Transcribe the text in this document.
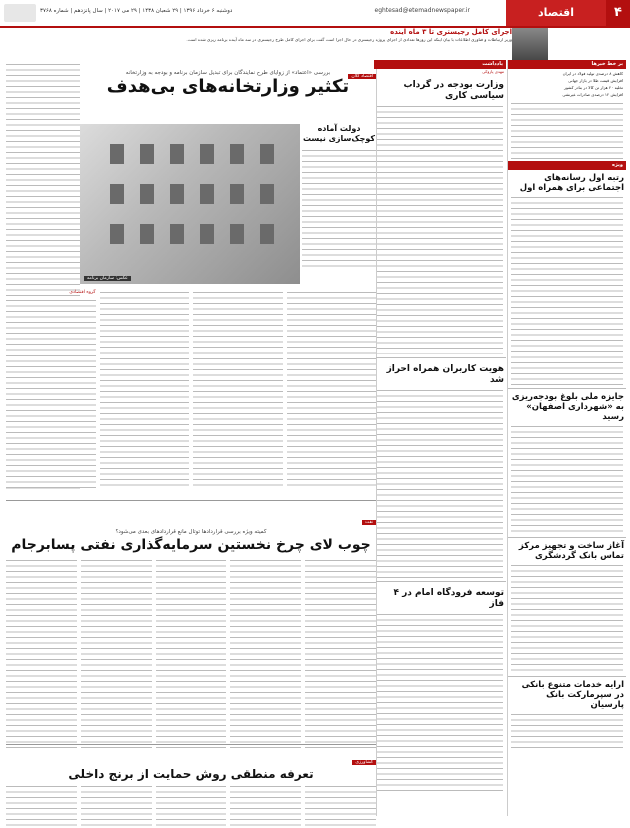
۴
اقتصاد
eghtesad@etemadnewspaper.ir
دوشنبه ۶ خرداد ۱۳۹۶ | ۲۹ شعبان ۱۴۳۸ | ۲۹ می ۲۰۱۷ | سال پانزدهم | شماره ۳۷۶۸
اجرای کامل رجیستری تا ۳ ماه آینده
وزیر ارتباطات و فناوری اطلاعات با بیان اینکه این روزها تعدادی از اجزای پروژه رجیستری در حال اجرا است گفت برای اجرای کامل طرح رجیستری در سه ماه آینده برنامه ریزی شده است.
بر خط خبرها

کاهش ۸ درصدی تولید فولاد در ایران

افزایش قیمت طلا در بازار جهانی

تخلیه ۲۰ هزار تن کالا در بنادر کشور

افزایش ۱۲ درصدی صادرات غیرنفتی

ویژه
رتبه اول رسانه‌های اجتماعی برای همراه اول
جایزه ملی بلوغ بودجه‌ریزی به «شهرداری اصفهان» رسید
آغاز ساخت و تجهیز مرکز تماس بانک گردشگری
ارایه خدمات متنوع بانکی در سپرمارکت بانک پارسیان
یادداشت
مهدی پازوکی
وزارت بودجه در گرداب سیاسی کاری
هویت کاربران همراه احراز شد
توسعه فرودگاه امام در ۴ فاز
اقتصاد کلان
بررسی «اعتماد» از زوایای طرح نمایندگان برای تبدیل سازمان برنامه و بودجه به وزارتخانه
تکثیر وزارتخانه‌های بی‌هدف
عکس: سازمان برنامه
دولت آماده کوچک‌سازی نیست
گروه اقتصادی
نفت
کمیته ویژه بررسی قراردادها توتال مانع قراردادهای بعدی می‌شود؟
چوب لای چرخ نخستین سرمایه‌گذاری نفتی پسابرجام
کشاورزی
تعرفه منطقی روش حمایت از برنج داخلی
